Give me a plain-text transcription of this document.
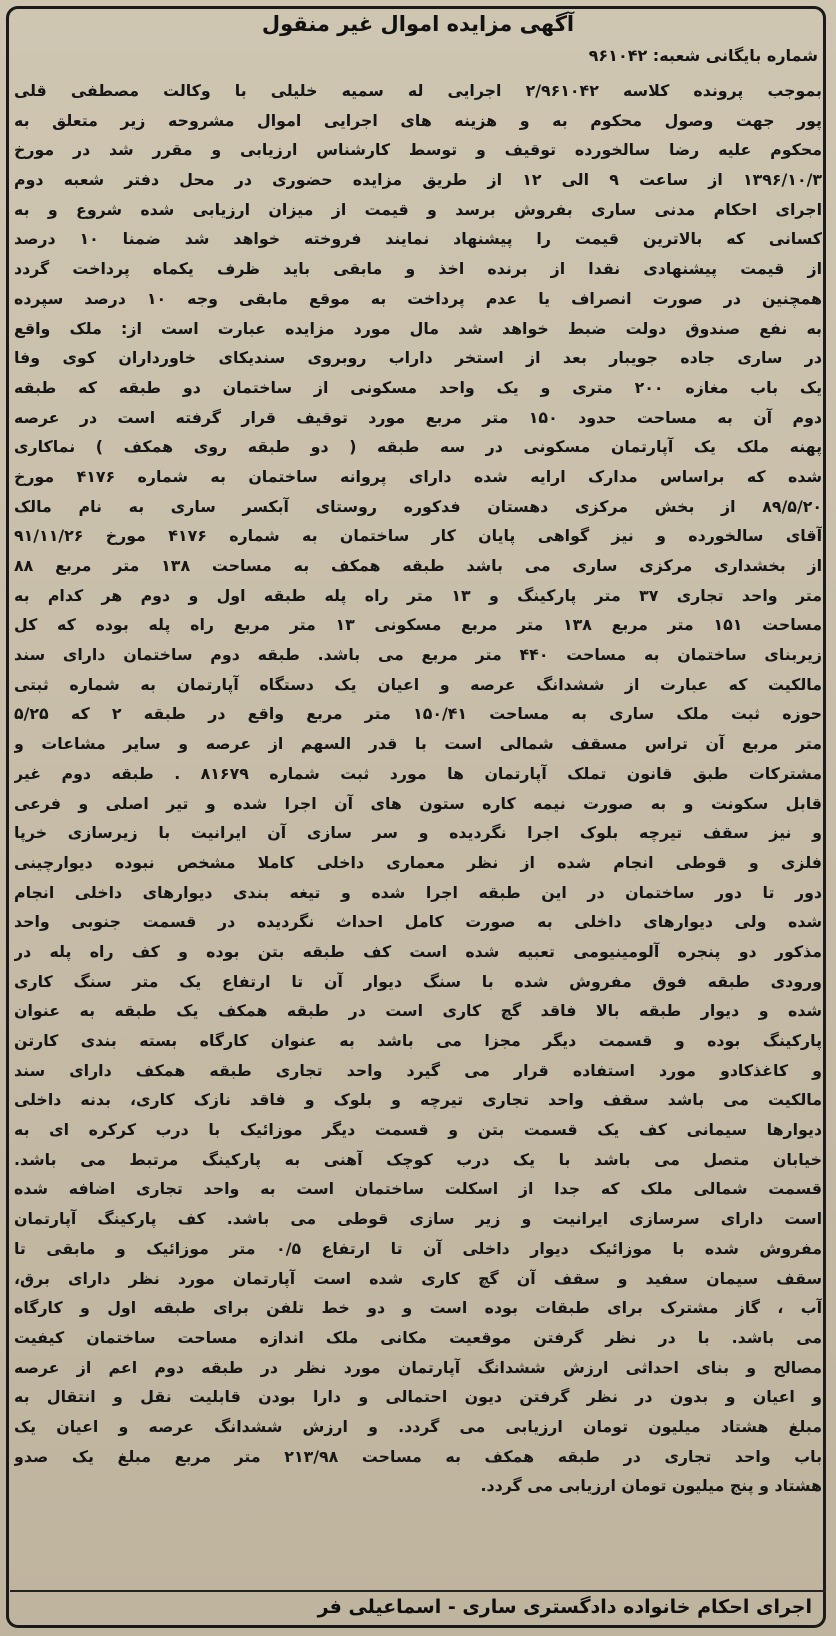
آگهی مزایده اموال غیر منقول
شماره بایگانی شعبه: ۹۶۱۰۴۲
بموجب پرونده کلاسه ۲/۹۶۱۰۴۲ اجرایی له سمیه خلیلی با وکالت مصطفی قلی
پور جهت وصول محکوم به و هزینه های اجرایی اموال مشروحه زیر متعلق به
محکوم علیه رضا سالخورده توقیف و توسط کارشناس ارزیابی و مقرر شد در مورخ
۱۳۹۶/۱۰/۳ از ساعت ۹ الی ۱۲ از طریق مزایده حضوری در محل دفتر شعبه دوم
اجرای احکام مدنی ساری بفروش برسد و قیمت از میزان ارزیابی شده شروع و به
کسانی که بالاترین قیمت را پیشنهاد نمایند فروخته خواهد شد ضمنا ۱۰ درصد
از قیمت پیشنهادی نقدا از برنده اخذ و مابقی باید ظرف یکماه پرداخت گردد
همچنین در صورت انصراف یا عدم پرداخت به موقع مابقی وجه ۱۰ درصد سپرده
به نفع صندوق دولت ضبط خواهد شد مال مورد مزایده عبارت است از: ملک واقع
در ساری جاده جویبار بعد از استخر داراب روبروی سندیکای خاورداران کوی وفا
یک باب مغازه ۲۰۰ متری و یک واحد مسکونی از ساختمان دو طبقه که طبقه
دوم آن به مساحت حدود ۱۵۰ متر مربع مورد توقیف قرار گرفته است در عرصه
پهنه ملک یک آپارتمان مسکونی در سه طبقه ( دو طبقه روی همکف ) نماکاری
شده که براساس مدارک ارایه شده دارای پروانه ساختمان به شماره ۴۱۷۶ مورخ
۸۹/۵/۲۰ از بخش مرکزی دهستان فدکوره روستای آبکسر ساری به نام مالک
آقای سالخورده و نیز گواهی پایان کار ساختمان به شماره ۴۱۷۶ مورخ ۹۱/۱۱/۲۶
از بخشداری مرکزی ساری می باشد طبقه همکف به مساحت ۱۳۸ متر مربع ۸۸
متر واحد تجاری ۳۷ متر پارکینگ و ۱۳ متر راه پله طبقه اول و دوم هر کدام به
مساحت ۱۵۱ متر مربع ۱۳۸ متر مربع مسکونی ۱۳ متر مربع راه پله بوده که کل
زیربنای ساختمان به مساحت ۴۴۰ متر مربع می باشد. طبقه دوم ساختمان دارای سند
مالکیت که عبارت از ششدانگ عرصه و اعیان یک دستگاه آپارتمان به شماره ثبتی
حوزه ثبت ملک ساری به مساحت ۱۵۰/۴۱ متر مربع واقع در طبقه ۲ که ۵/۲۵
متر مربع آن تراس مسقف شمالی است با قدر السهم از عرصه و سایر مشاعات و
مشترکات طبق قانون تملک آپارتمان ها مورد ثبت شماره ۸۱۶۷۹ . طبقه دوم غیر
قابل سکونت و به صورت نیمه کاره ستون های آن اجرا شده و تیر اصلی و فرعی
و نیز سقف تیرچه بلوک اجرا نگردیده و سر سازی آن ایرانیت با زیرسازی خرپا
فلزی و قوطی انجام شده از نظر معماری داخلی کاملا مشخص نبوده دیوارچینی
دور تا دور ساختمان در این طبقه اجرا شده و تیغه بندی دیوارهای داخلی انجام
شده ولی دیوارهای داخلی به صورت کامل احداث نگردیده در قسمت جنوبی واحد
مذکور دو پنجره آلومینیومی تعبیه شده است کف طبقه بتن بوده و کف راه پله در
ورودی طبقه فوق مفروش شده با سنگ دیوار آن تا ارتفاع یک متر سنگ کاری
شده و دیوار طبقه بالا فاقد گچ کاری است در طبقه همکف یک طبقه به عنوان
پارکینگ بوده و قسمت دیگر مجزا می باشد به عنوان کارگاه بسته بندی کارتن
و کاغذکادو مورد استفاده قرار می گیرد واحد تجاری طبقه همکف دارای سند
مالکیت می باشد سقف واحد تجاری تیرچه و بلوک و فاقد نازک کاری، بدنه داخلی
دیوارها سیمانی کف یک قسمت بتن و قسمت دیگر موزائیک با درب کرکره ای به
خیابان متصل می باشد با یک درب کوچک آهنی به پارکینگ مرتبط می باشد.
قسمت شمالی ملک که جدا از اسکلت ساختمان است به واحد تجاری اضافه شده
است دارای سرسازی ایرانیت و زیر سازی قوطی می باشد. کف پارکینگ آپارتمان
مفروش شده با موزائیک دیوار داخلی آن تا ارتفاع ۰/۵ متر موزائیک و مابقی تا
سقف سیمان سفید و سقف آن گچ کاری شده است آپارتمان مورد نظر دارای برق،
آب ، گاز مشترک برای طبقات بوده است و دو خط تلفن برای طبقه اول و کارگاه
می باشد. با در نظر گرفتن موقعیت مکانی ملک اندازه مساحت ساختمان کیفیت
مصالح و بنای احداثی ارزش ششدانگ آپارتمان مورد نظر در طبقه دوم اعم از عرصه
و اعیان و بدون در نظر گرفتن دیون احتمالی و دارا بودن قابلیت نقل و انتقال به
مبلغ هشتاد میلیون تومان ارزیابی می گردد. و ارزش ششدانگ عرصه و اعیان یک
باب واحد تجاری در طبقه همکف به مساحت ۲۱۳/۹۸ متر مربع مبلغ یک صدو
هشتاد و پنج میلیون تومان ارزیابی می گردد.
اجرای احکام خانواده دادگستری ساری - اسماعیلی فر
